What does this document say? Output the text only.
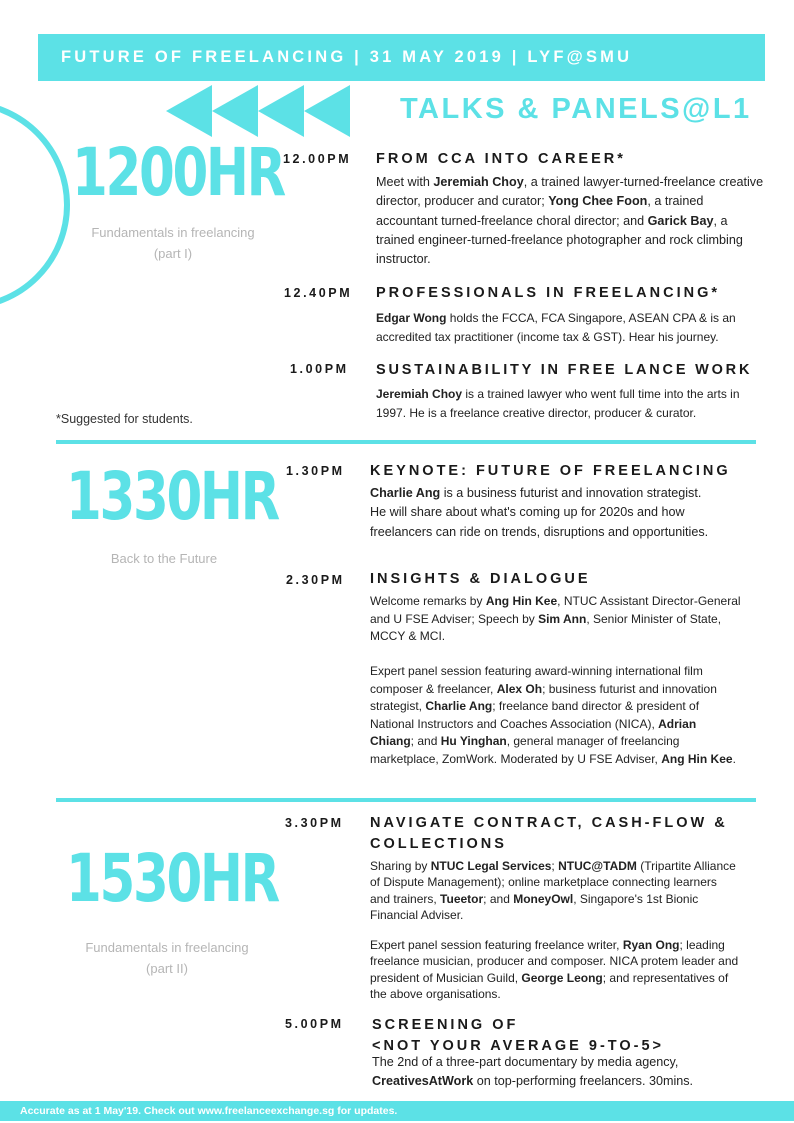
FUTURE OF FREELANCING | 31 MAY 2019 | LYF@SMU
TALKS & PANELS@L1
1200HR
Fundamentals in freelancing
(part I)
*Suggested for students.
12.00PM FROM CCA INTO CAREER*
Meet with Jeremiah Choy, a trained lawyer-turned-freelance creative director, producer and curator; Yong Chee Foon, a trained accountant turned-freelance choral director; and Garick Bay, a trained engineer-turned-freelance photographer and rock climbing instructor.
12.40PM PROFESSIONALS IN FREELANCING*
Edgar Wong holds the FCCA, FCA Singapore, ASEAN CPA & is an accredited tax practitioner (income tax & GST). Hear his journey.
1.00PM SUSTAINABILITY IN FREE LANCE WORK
Jeremiah Choy is a trained lawyer who went full time into the arts in 1997. He is a freelance creative director, producer & curator.
1330HR
Back to the Future
1.30PM KEYNOTE: FUTURE OF FREELANCING
Charlie Ang is a business futurist and innovation strategist. He will share about what's coming up for 2020s and how freelancers can ride on trends, disruptions and opportunities.
2.30PM INSIGHTS & DIALOGUE
Welcome remarks by Ang Hin Kee, NTUC Assistant Director-General and U FSE Adviser; Speech by Sim Ann, Senior Minister of State, MCCY & MCI.
Expert panel session featuring award-winning international film composer & freelancer, Alex Oh; business futurist and innovation strategist, Charlie Ang; freelance band director & president of National Instructors and Coaches Association (NICA), Adrian Chiang; and Hu Yinghan, general manager of freelancing marketplace, ZomWork. Moderated by U FSE Adviser, Ang Hin Kee.
1530HR
Fundamentals in freelancing
(part II)
3.30PM NAVIGATE CONTRACT, CASH-FLOW & COLLECTIONS
Sharing by NTUC Legal Services; NTUC@TADM (Tripartite Alliance of Dispute Management); online marketplace connecting learners and trainers, Tueetor; and MoneyOwl, Singapore's 1st Bionic Financial Adviser.
Expert panel session featuring freelance writer, Ryan Ong; leading freelance musician, producer and composer. NICA protem leader and president of Musician Guild, George Leong; and representatives of the above organisations.
5.00PM SCREENING OF
<NOT YOUR AVERAGE 9-TO-5>
The 2nd of a three-part documentary by media agency, CreativesAtWork on top-performing freelancers. 30mins.
Accurate as at 1 May'19. Check out www.freelanceexchange.sg for updates.
